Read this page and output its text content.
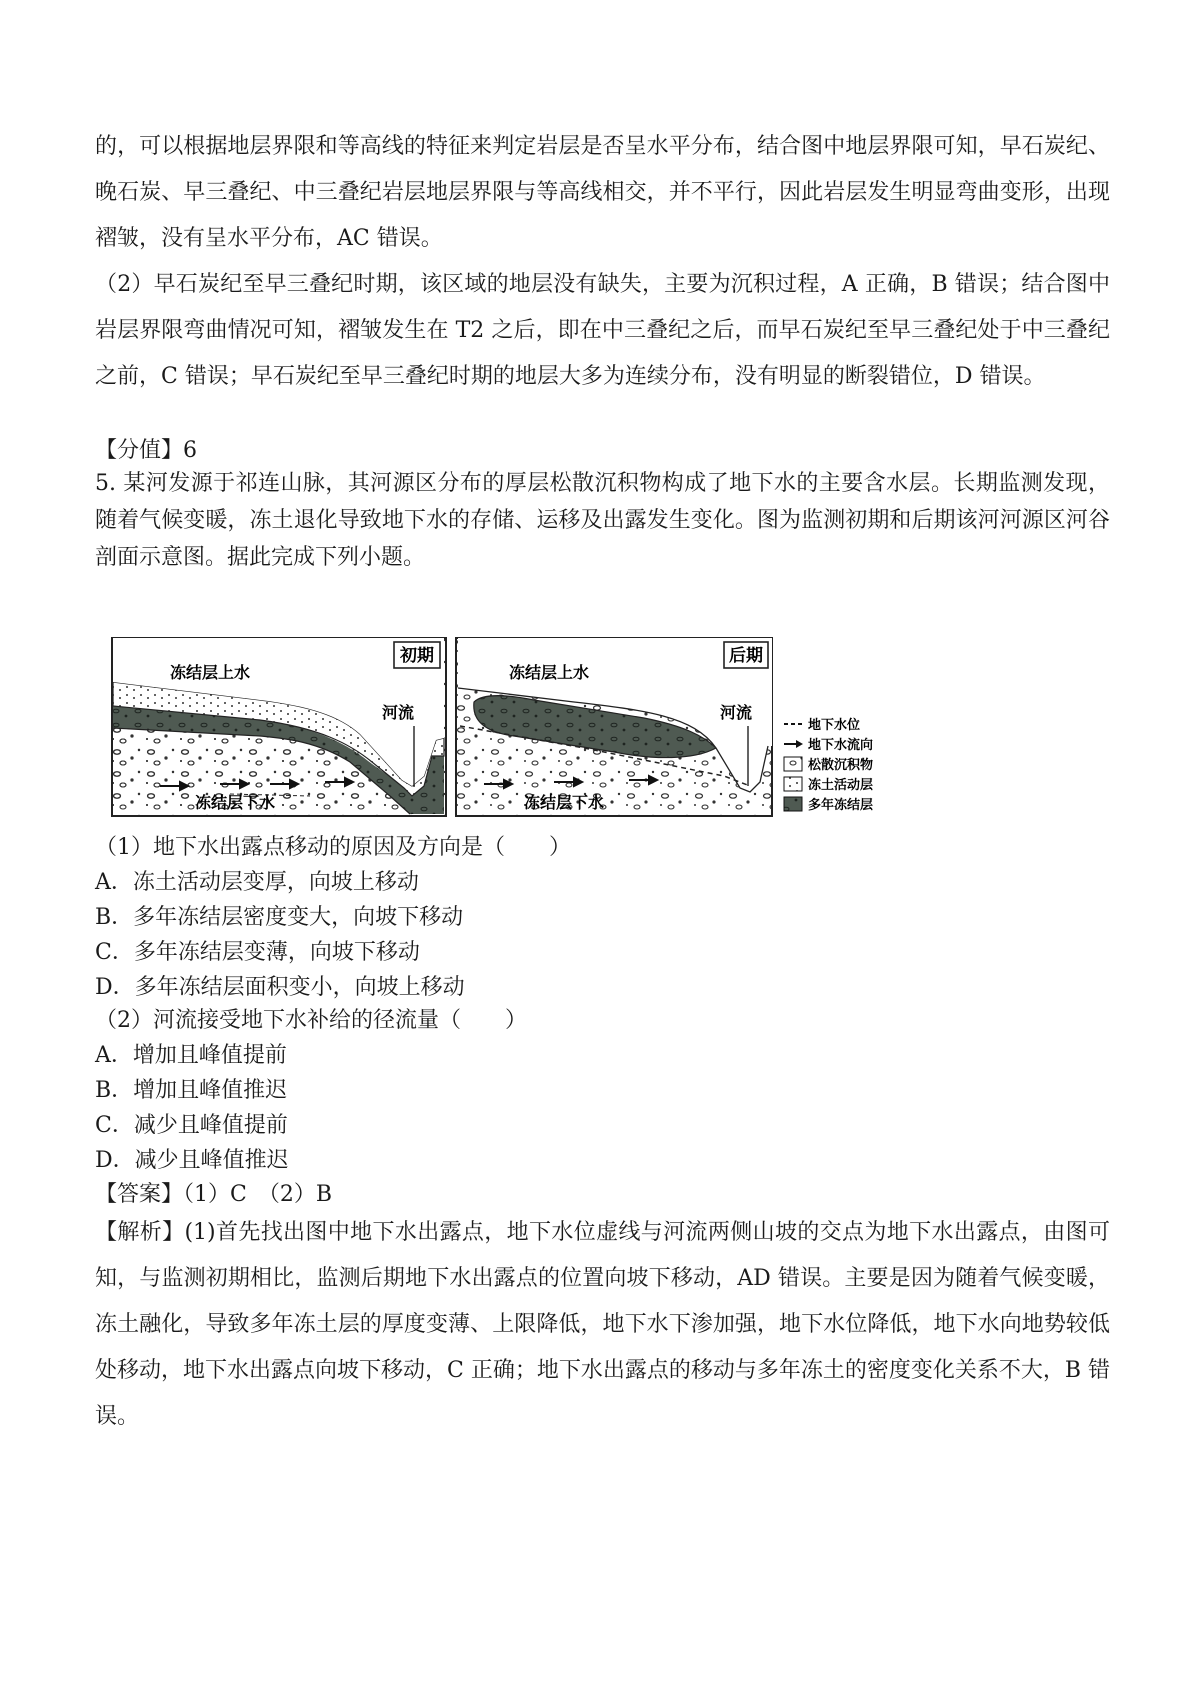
的，可以根据地层界限和等高线的特征来判定岩层是否呈水平分布，结合图中地层界限可知，早石炭纪、晚石炭、早三叠纪、中三叠纪岩层地层界限与等高线相交，并不平行，因此岩层发生明显弯曲变形，出现褶皱，没有呈水平分布，AC 错误。

（2）早石炭纪至早三叠纪时期，该区域的地层没有缺失，主要为沉积过程，A 正确，B 错误；结合图中岩层界限弯曲情况可知，褶皱发生在 T2 之后，即在中三叠纪之后，而早石炭纪至早三叠纪处于中三叠纪之前，C 错误；早石炭纪至早三叠纪时期的地层大多为连续分布，没有明显的断裂错位，D 错误。

【分值】6

5. 某河发源于祁连山脉，其河源区分布的厚层松散沉积物构成了地下水的主要含水层。长期监测发现，随着气候变暖，冻土退化导致地下水的存储、运移及出露发生变化。图为监测初期和后期该河河源区河谷剖面示意图。据此完成下列小题。

初期
冻结层上水
河流
冻结层下水
后期
冻结层上水
河流
冻结层下水
地下水位
地下水流向
松散沉积物
冻土活动层
多年冻结层
（1）地下水出露点移动的原因及方向是（　　）
A．冻土活动层变厚，向坡上移动
B．多年冻结层密度变大，向坡下移动
C．多年冻结层变薄，向坡下移动
D．多年冻结层面积变小，向坡上移动
（2）河流接受地下水补给的径流量（　　）
A．增加且峰值提前
B．增加且峰值推迟
C．减少且峰值提前
D．减少且峰值推迟
【答案】（1）C　（2）B

【解析】(1)首先找出图中地下水出露点，地下水位虚线与河流两侧山坡的交点为地下水出露点，由图可知，与监测初期相比，监测后期地下水出露点的位置向坡下移动，AD 错误。主要是因为随着气候变暖，冻土融化，导致多年冻土层的厚度变薄、上限降低，地下水下渗加强，地下水位降低，地下水向地势较低处移动，地下水出露点向坡下移动，C 正确；地下水出露点的移动与多年冻土的密度变化关系不大，B 错误。
